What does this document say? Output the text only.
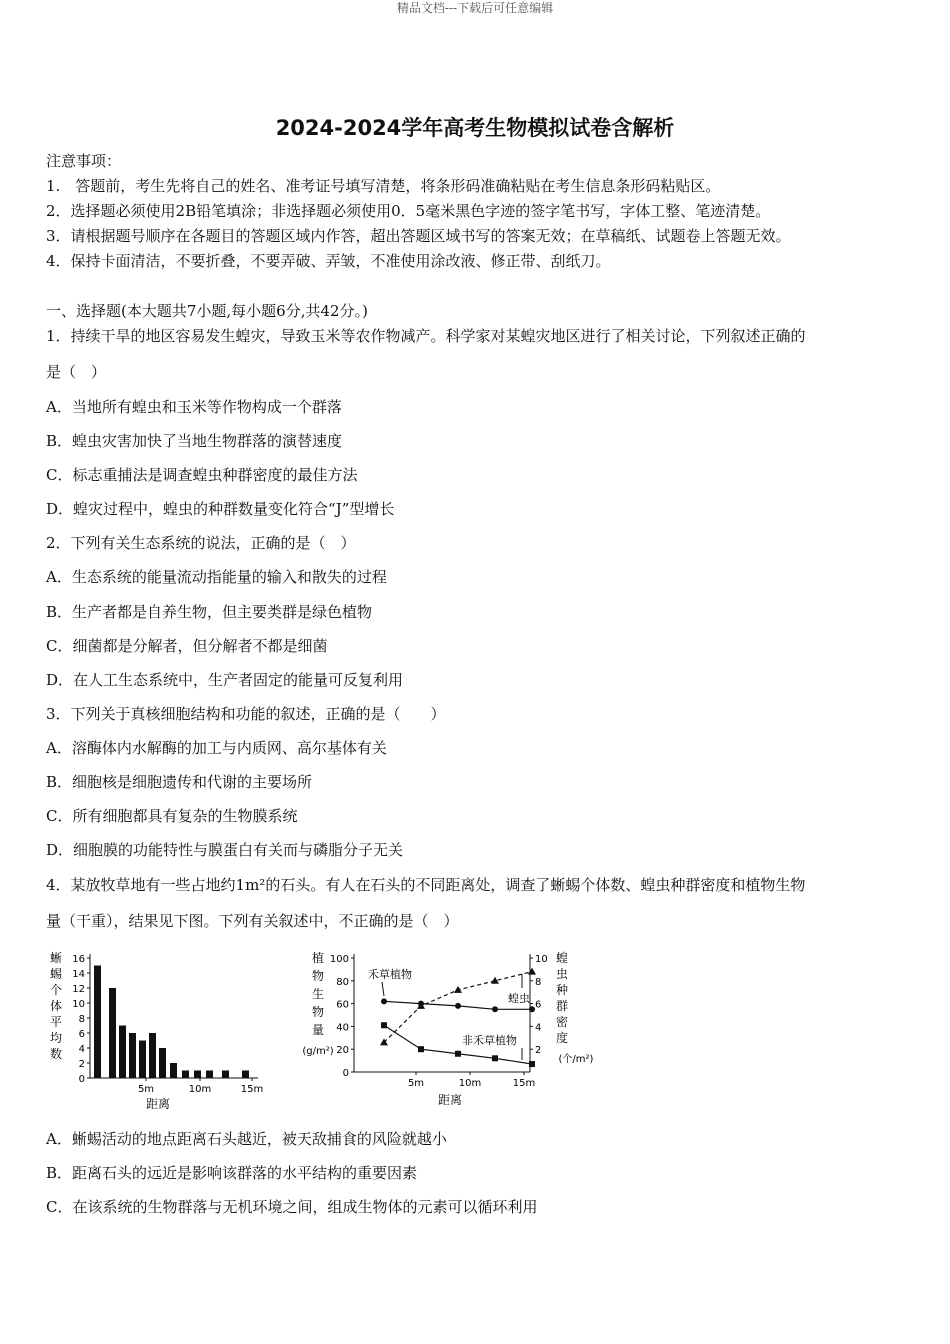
精品文档---下载后可任意编辑
2024-2024学年高考生物模拟试卷含解析
注意事项：
1.　答题前，考生先将自己的姓名、准考证号填写清楚，将条形码准确粘贴在考生信息条形码粘贴区。
2．选择题必须使用2B铅笔填涂；非选择题必须使用0．5毫米黑色字迹的签字笔书写，字体工整、笔迹清楚。
3．请根据题号顺序在各题目的答题区域内作答，超出答题区域书写的答案无效；在草稿纸、试题卷上答题无效。
4．保持卡面清洁，不要折叠，不要弄破、弄皱，不准使用涂改液、修正带、刮纸刀。
一、选择题(本大题共7小题,每小题6分,共42分。)
1．持续干旱的地区容易发生蝗灾，导致玉米等农作物减产。科学家对某蝗灾地区进行了相关讨论，下列叙述正确的
是（　）
A．当地所有蝗虫和玉米等作物构成一个群落
B．蝗虫灾害加快了当地生物群落的演替速度
C．标志重捕法是调查蝗虫种群密度的最佳方法
D．蝗灾过程中，蝗虫的种群数量变化符合“J”型增长
2．下列有关生态系统的说法，正确的是（　）
A．生态系统的能量流动指能量的输入和散失的过程
B．生产者都是自养生物，但主要类群是绿色植物
C．细菌都是分解者，但分解者不都是细菌
D．在人工生态系统中，生产者固定的能量可反复利用
3．下列关于真核细胞结构和功能的叙述，正确的是（　　）
A．溶酶体内水解酶的加工与内质网、高尔基体有关
B．细胞核是细胞遗传和代谢的主要场所
C．所有细胞都具有复杂的生物膜系统
D．细胞膜的功能特性与膜蛋白有关而与磷脂分子无关
4．某放牧草地有一些占地约1m²的石头。有人在石头的不同距离处，调查了蜥蜴个体数、蝗虫种群密度和植物生物
量（干重），结果见下图。下列有关叙述中，不正确的是（　）
蜥
蜴
个
体
平
均
数
16
14
12
10
8
6
4
2
0
5m	10m	15m
距离
植
物
生
物
量
(g/m²)
蝗
虫
种
群
密
度
(个/m²)
100
80
60
40
20
0
10
8
6
4
2
5m	10m	15m
距离
禾草植物
蝗虫
非禾草植物
A．蜥蜴活动的地点距离石头越近，被天敌捕食的风险就越小
B．距离石头的远近是影响该群落的水平结构的重要因素
C．在该系统的生物群落与无机环境之间，组成生物体的元素可以循环利用
